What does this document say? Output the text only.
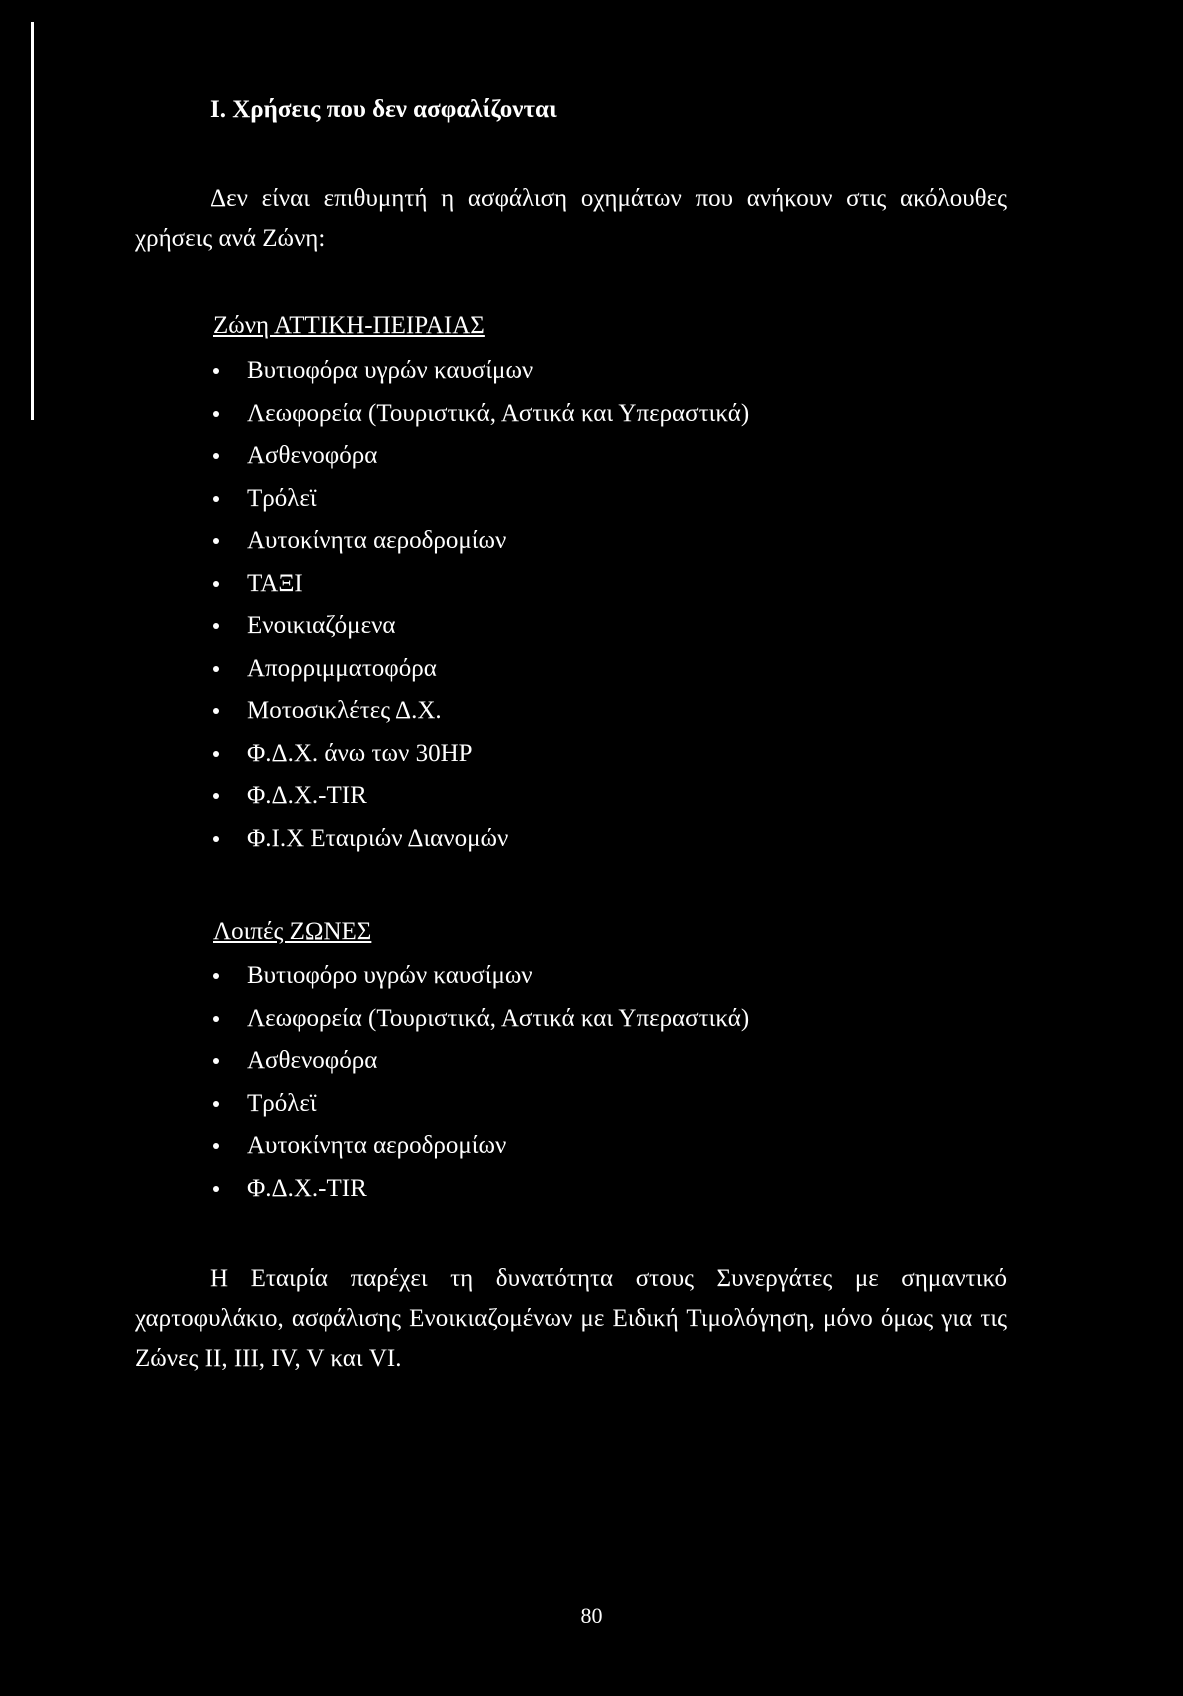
I. Χρήσεις που δεν ασφαλίζονται

Δεν είναι επιθυμητή η ασφάλιση οχημάτων που ανήκουν στις ακόλουθες χρήσεις ανά Ζώνη:

Ζώνη ΑΤΤΙΚΗ-ΠΕΙΡΑΙΑΣ

Βυτιοφόρα υγρών καυσίμων
Λεωφορεία (Τουριστικά, Αστικά και Υπεραστικά)
Ασθενοφόρα
Τρόλεϊ
Αυτοκίνητα αεροδρομίων
ΤΑΞΙ
Ενοικιαζόμενα
Απορριμματοφόρα
Μοτοσικλέτες Δ.Χ.
Φ.Δ.Χ. άνω των 30HP
Φ.Δ.Χ.-TIR
Φ.Ι.Χ Εταιριών Διανομών

Λοιπές ΖΩΝΕΣ

Βυτιοφόρο υγρών καυσίμων
Λεωφορεία (Τουριστικά, Αστικά και Υπεραστικά)
Ασθενοφόρα
Τρόλεϊ
Αυτοκίνητα αεροδρομίων
Φ.Δ.Χ.-TIR

Η Εταιρία παρέχει τη δυνατότητα στους Συνεργάτες με σημαντικό χαρτοφυλάκιο, ασφάλισης Ενοικιαζομένων με Ειδική Τιμολόγηση, μόνο όμως για τις Ζώνες ΙΙ, ΙΙΙ, IV, V και VI.

80
